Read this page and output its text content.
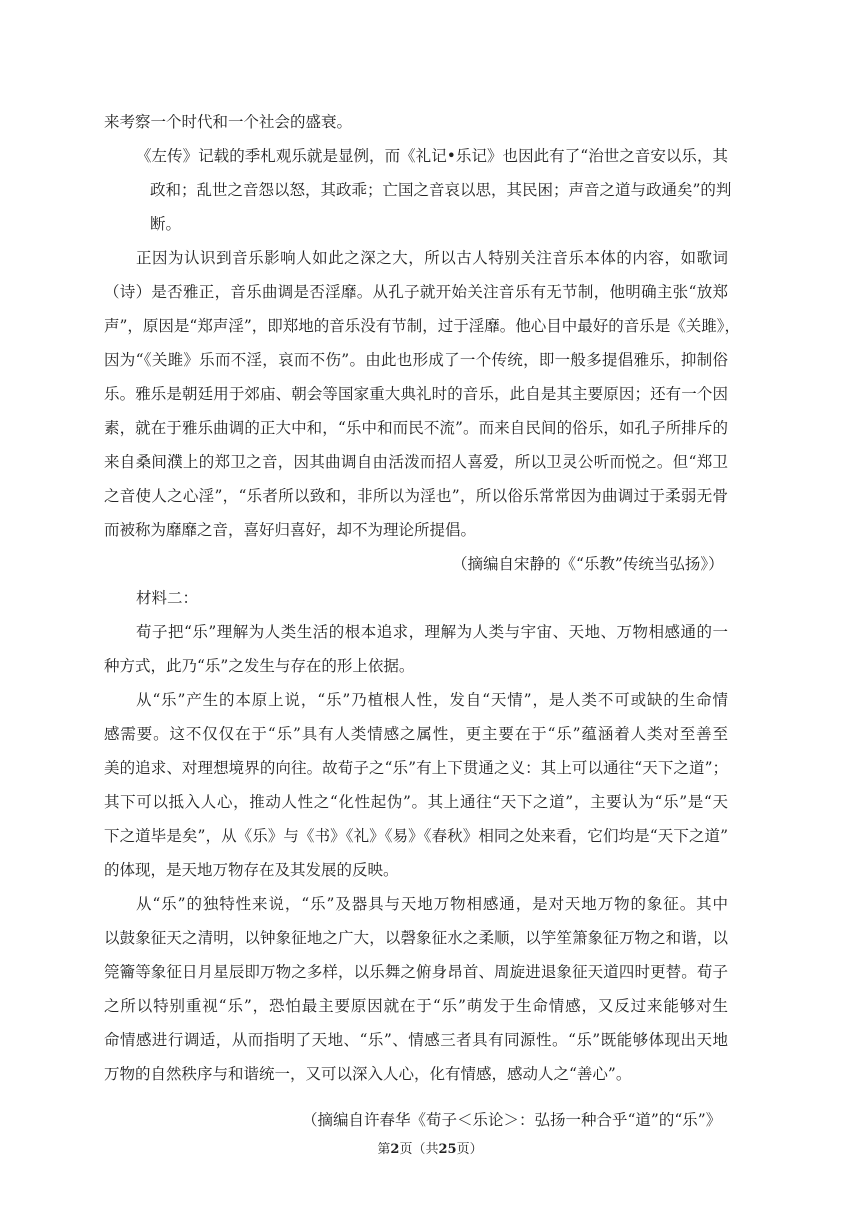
来考察一个时代和一个社会的盛衰。
《左传》记载的季札观乐就是显例，而《礼记•乐记》也因此有了“治世之音安以乐，其
政和；乱世之音怨以怒，其政乖；亡国之音哀以思，其民困；声音之道与政通矣”的判
断。
正因为认识到音乐影响人如此之深之大，所以古人特别关注音乐本体的内容，如歌词
（诗）是否雅正，音乐曲调是否淫靡。从孔子就开始关注音乐有无节制，他明确主张“放郑
声”，原因是“郑声淫”，即郑地的音乐没有节制，过于淫靡。他心目中最好的音乐是《关雎》，
因为“《关雎》乐而不淫，哀而不伤”。由此也形成了一个传统，即一般多提倡雅乐，抑制俗
乐。雅乐是朝廷用于郊庙、朝会等国家重大典礼时的音乐，此自是其主要原因；还有一个因
素，就在于雅乐曲调的正大中和，“乐中和而民不流”。而来自民间的俗乐，如孔子所排斥的
来自桑间濮上的郑卫之音，因其曲调自由活泼而招人喜爱，所以卫灵公听而悦之。但“郑卫
之音使人之心淫”，“乐者所以致和，非所以为淫也”，所以俗乐常常因为曲调过于柔弱无骨
而被称为靡靡之音，喜好归喜好，却不为理论所提倡。
（摘编自宋静的《“乐教”传统当弘扬》）
材料二：
荀子把“乐”理解为人类生活的根本追求，理解为人类与宇宙、天地、万物相感通的一
种方式，此乃“乐”之发生与存在的形上依据。
从“乐”产生的本原上说，“乐”乃植根人性，发自“天情”，是人类不可或缺的生命情
感需要。这不仅仅在于“乐”具有人类情感之属性，更主要在于“乐”蕴涵着人类对至善至
美的追求、对理想境界的向往。故荀子之“乐”有上下贯通之义：其上可以通往“天下之道”；
其下可以抵入人心，推动人性之“化性起伪”。其上通往“天下之道”，主要认为“乐”是“天
下之道毕是矣”，从《乐》与《书》《礼》《易》《春秋》相同之处来看，它们均是“天下之道”
的体现，是天地万物存在及其发展的反映。
从“乐”的独特性来说，“乐”及器具与天地万物相感通，是对天地万物的象征。其中
以鼓象征天之清明，以钟象征地之广大，以磬象征水之柔顺，以竽笙箫象征万物之和谐，以
筦籥等象征日月星辰即万物之多样，以乐舞之俯身昂首、周旋进退象征天道四时更替。荀子
之所以特别重视“乐”，恐怕最主要原因就在于“乐”萌发于生命情感，又反过来能够对生
命情感进行调适，从而指明了天地、“乐”、情感三者具有同源性。“乐”既能够体现出天地
万物的自然秩序与和谐统一，又可以深入人心，化有情感，感动人之“善心”。
（摘编自许春华《荀子＜乐论＞：弘扬一种合乎“道”的“乐”》
第2页（共25页）
